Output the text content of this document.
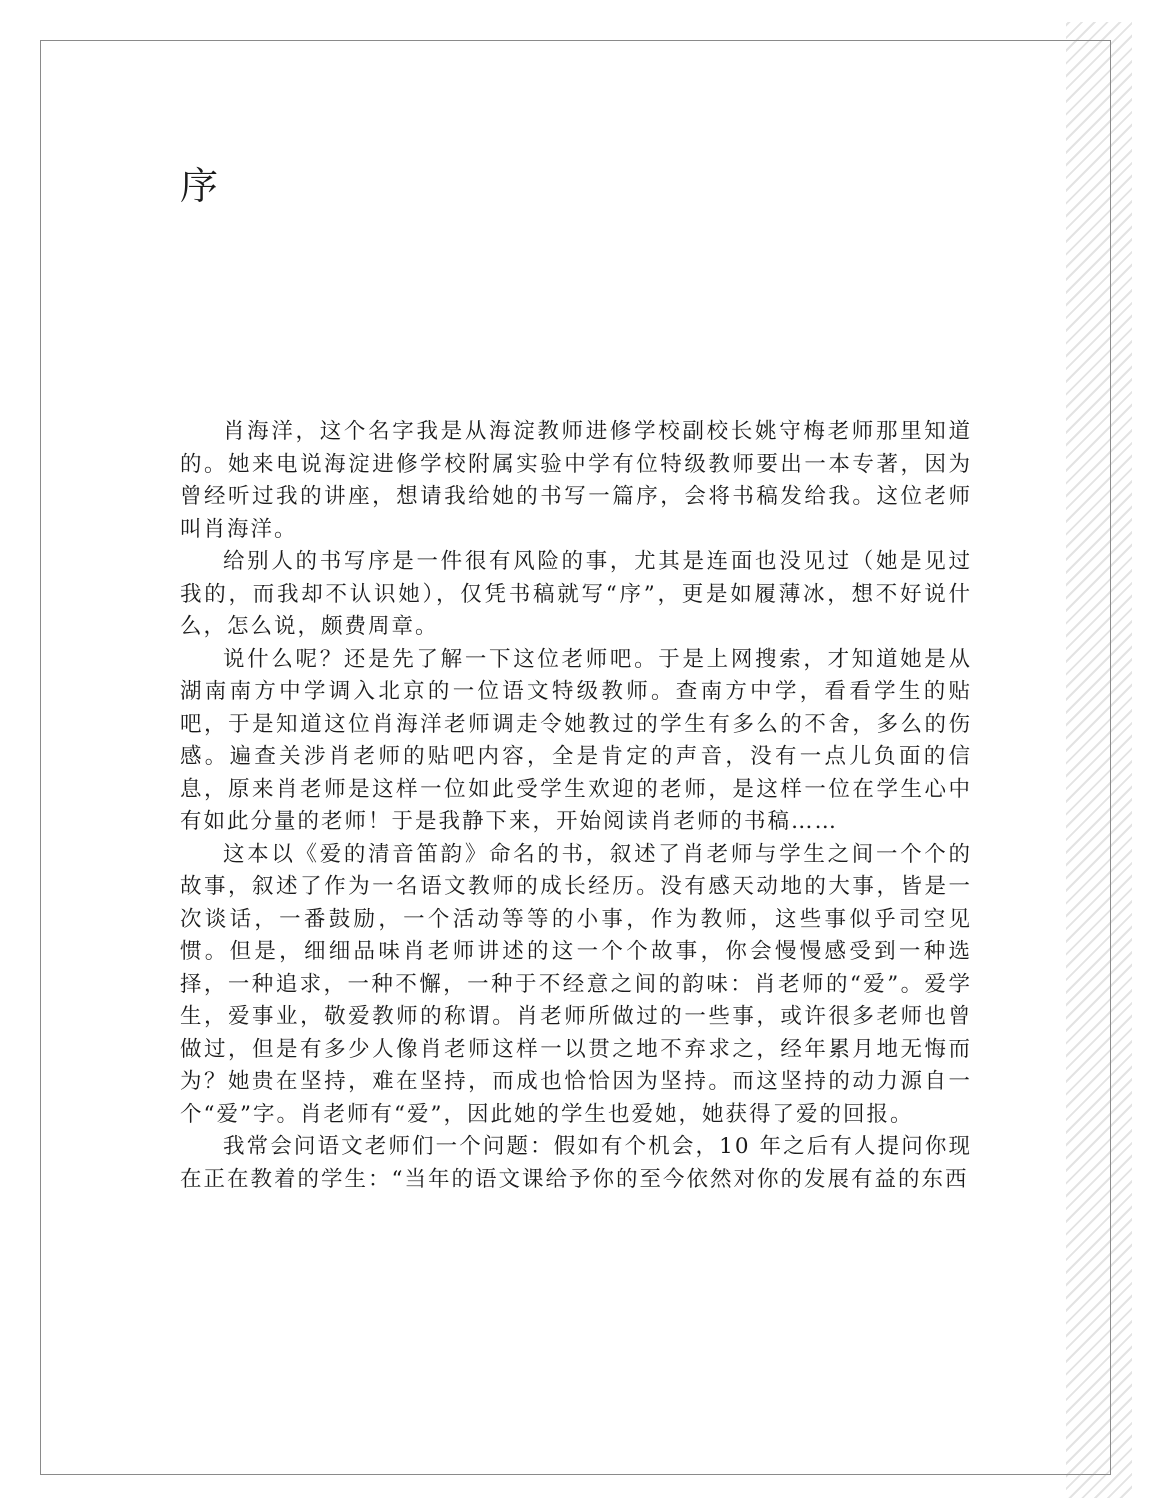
序

肖海洋，这个名字我是从海淀教师进修学校副校长姚守梅老师那里知道的。她来电说海淀进修学校附属实验中学有位特级教师要出一本专著，因为曾经听过我的讲座，想请我给她的书写一篇序，会将书稿发给我。这位老师叫肖海洋。

给别人的书写序是一件很有风险的事，尤其是连面也没见过（她是见过我的，而我却不认识她），仅凭书稿就写“序”，更是如履薄冰，想不好说什么，怎么说，颇费周章。

说什么呢？还是先了解一下这位老师吧。于是上网搜索，才知道她是从湖南南方中学调入北京的一位语文特级教师。查南方中学，看看学生的贴吧，于是知道这位肖海洋老师调走令她教过的学生有多么的不舍，多么的伤感。遍查关涉肖老师的贴吧内容，全是肯定的声音，没有一点儿负面的信息，原来肖老师是这样一位如此受学生欢迎的老师，是这样一位在学生心中有如此分量的老师！于是我静下来，开始阅读肖老师的书稿……

这本以《爱的清音笛韵》命名的书，叙述了肖老师与学生之间一个个的故事，叙述了作为一名语文教师的成长经历。没有感天动地的大事，皆是一次谈话，一番鼓励，一个活动等等的小事，作为教师，这些事似乎司空见惯。但是，细细品味肖老师讲述的这一个个故事，你会慢慢感受到一种选择，一种追求，一种不懈，一种于不经意之间的韵味：肖老师的“爱”。爱学生，爱事业，敬爱教师的称谓。肖老师所做过的一些事，或许很多老师也曾做过，但是有多少人像肖老师这样一以贯之地不弃求之，经年累月地无悔而为？她贵在坚持，难在坚持，而成也恰恰因为坚持。而这坚持的动力源自一个“爱”字。肖老师有“爱”，因此她的学生也爱她，她获得了爱的回报。

我常会问语文老师们一个问题：假如有个机会，10 年之后有人提问你现在正在教着的学生：“当年的语文课给予你的至今依然对你的发展有益的东西
